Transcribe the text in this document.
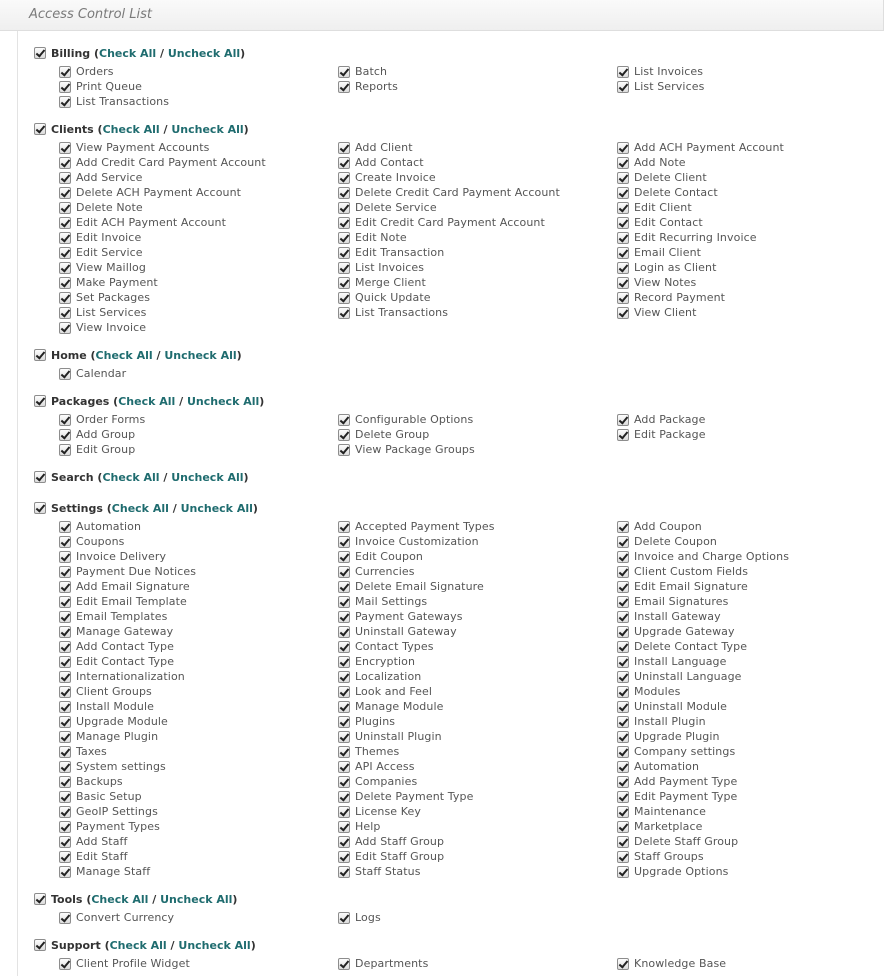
Access Control List
Billing (Check All / Uncheck All)
Orders	Batch	List Invoices
Print Queue	Reports	List Services
List Transactions
Clients (Check All / Uncheck All)
View Payment Accounts	Add Client	Add ACH Payment Account
Add Credit Card Payment Account	Add Contact	Add Note
Add Service	Create Invoice	Delete Client
Delete ACH Payment Account	Delete Credit Card Payment Account	Delete Contact
Delete Note	Delete Service	Edit Client
Edit ACH Payment Account	Edit Credit Card Payment Account	Edit Contact
Edit Invoice	Edit Note	Edit Recurring Invoice
Edit Service	Edit Transaction	Email Client
View Maillog	List Invoices	Login as Client
Make Payment	Merge Client	View Notes
Set Packages	Quick Update	Record Payment
List Services	List Transactions	View Client
View Invoice
Home (Check All / Uncheck All)
Calendar
Packages (Check All / Uncheck All)
Order Forms	Configurable Options	Add Package
Add Group	Delete Group	Edit Package
Edit Group	View Package Groups
Search (Check All / Uncheck All)
Settings (Check All / Uncheck All)
Automation	Accepted Payment Types	Add Coupon
Coupons	Invoice Customization	Delete Coupon
Invoice Delivery	Edit Coupon	Invoice and Charge Options
Payment Due Notices	Currencies	Client Custom Fields
Add Email Signature	Delete Email Signature	Edit Email Signature
Edit Email Template	Mail Settings	Email Signatures
Email Templates	Payment Gateways	Install Gateway
Manage Gateway	Uninstall Gateway	Upgrade Gateway
Add Contact Type	Contact Types	Delete Contact Type
Edit Contact Type	Encryption	Install Language
Internationalization	Localization	Uninstall Language
Client Groups	Look and Feel	Modules
Install Module	Manage Module	Uninstall Module
Upgrade Module	Plugins	Install Plugin
Manage Plugin	Uninstall Plugin	Upgrade Plugin
Taxes	Themes	Company settings
System settings	API Access	Automation
Backups	Companies	Add Payment Type
Basic Setup	Delete Payment Type	Edit Payment Type
GeoIP Settings	License Key	Maintenance
Payment Types	Help	Marketplace
Add Staff	Add Staff Group	Delete Staff Group
Edit Staff	Edit Staff Group	Staff Groups
Manage Staff	Staff Status	Upgrade Options
Tools (Check All / Uncheck All)
Convert Currency	Logs
Support (Check All / Uncheck All)
Client Profile Widget	Departments	Knowledge Base
